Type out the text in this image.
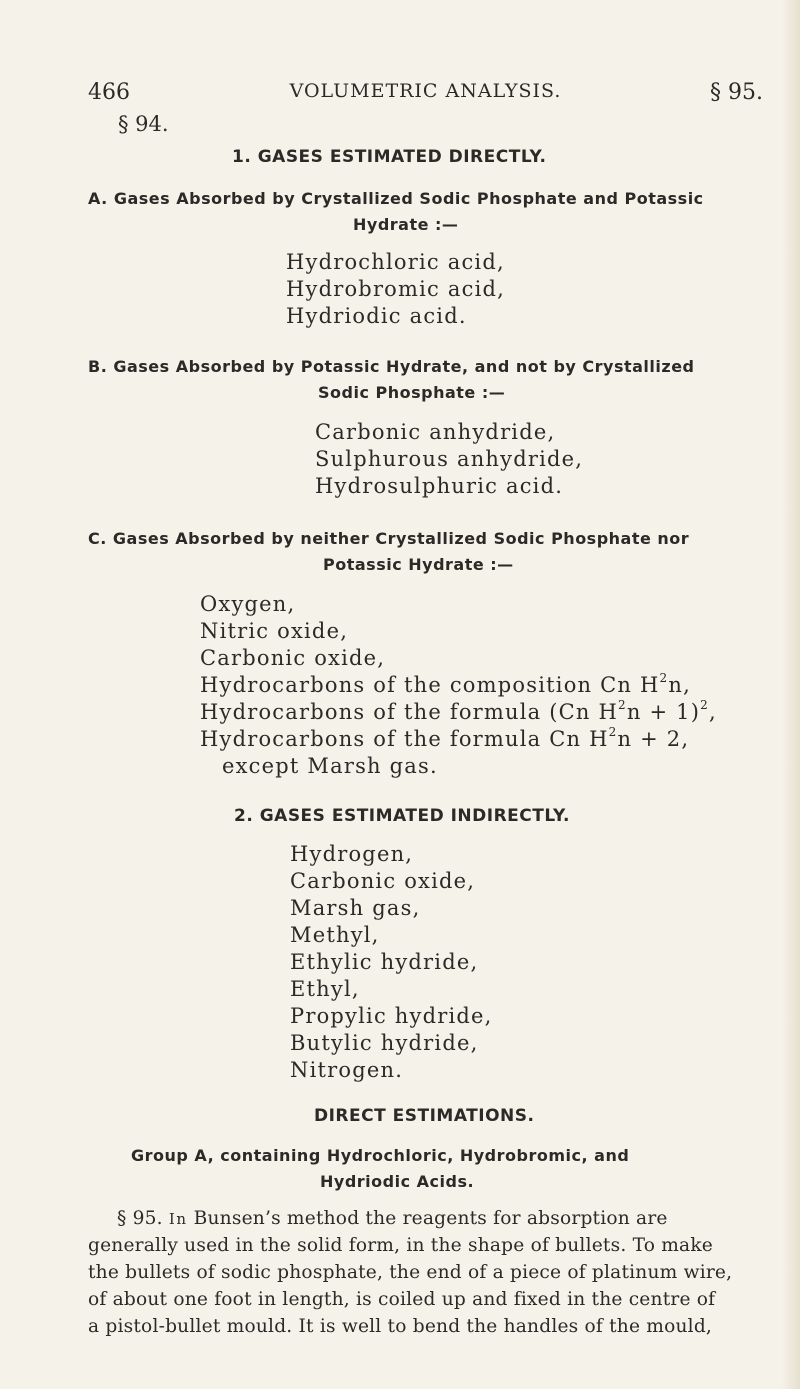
466	VOLUMETRIC ANALYSIS.	§ 95.
§ 94.
1. GASES ESTIMATED DIRECTLY.
A. Gases Absorbed by Crystallized Sodic Phosphate and Potassic
Hydrate :—
Hydrochloric acid,
Hydrobromic acid,
Hydriodic acid.
B. Gases Absorbed by Potassic Hydrate, and not by Crystallized
Sodic Phosphate :—
Carbonic anhydride,
Sulphurous anhydride,
Hydrosulphuric acid.
C. Gases Absorbed by neither Crystallized Sodic Phosphate nor
Potassic Hydrate :—
Oxygen,
Nitric oxide,
Carbonic oxide,
Hydrocarbons of the composition Cn $H^2n$,
Hydrocarbons of the formula (Cn $H^2n + 1)^2$,
Hydrocarbons of the formula Cn $H^2n + 2$,
except Marsh gas.
2. GASES ESTIMATED INDIRECTLY.
Hydrogen,
Carbonic oxide,
Marsh gas,
Methyl,
Ethylic hydride,
Ethyl,
Propylic hydride,
Butylic hydride,
Nitrogen.
DIRECT ESTIMATIONS.
Group A, containing Hydrochloric, Hydrobromic, and
Hydriodic Acids.
§ 95. In Bunsen’s method the reagents for absorption are
generally used in the solid form, in the shape of bullets. To make
the bullets of sodic phosphate, the end of a piece of platinum wire,
of about one foot in length, is coiled up and fixed in the centre of
a pistol-bullet mould. It is well to bend the handles of the mould,
